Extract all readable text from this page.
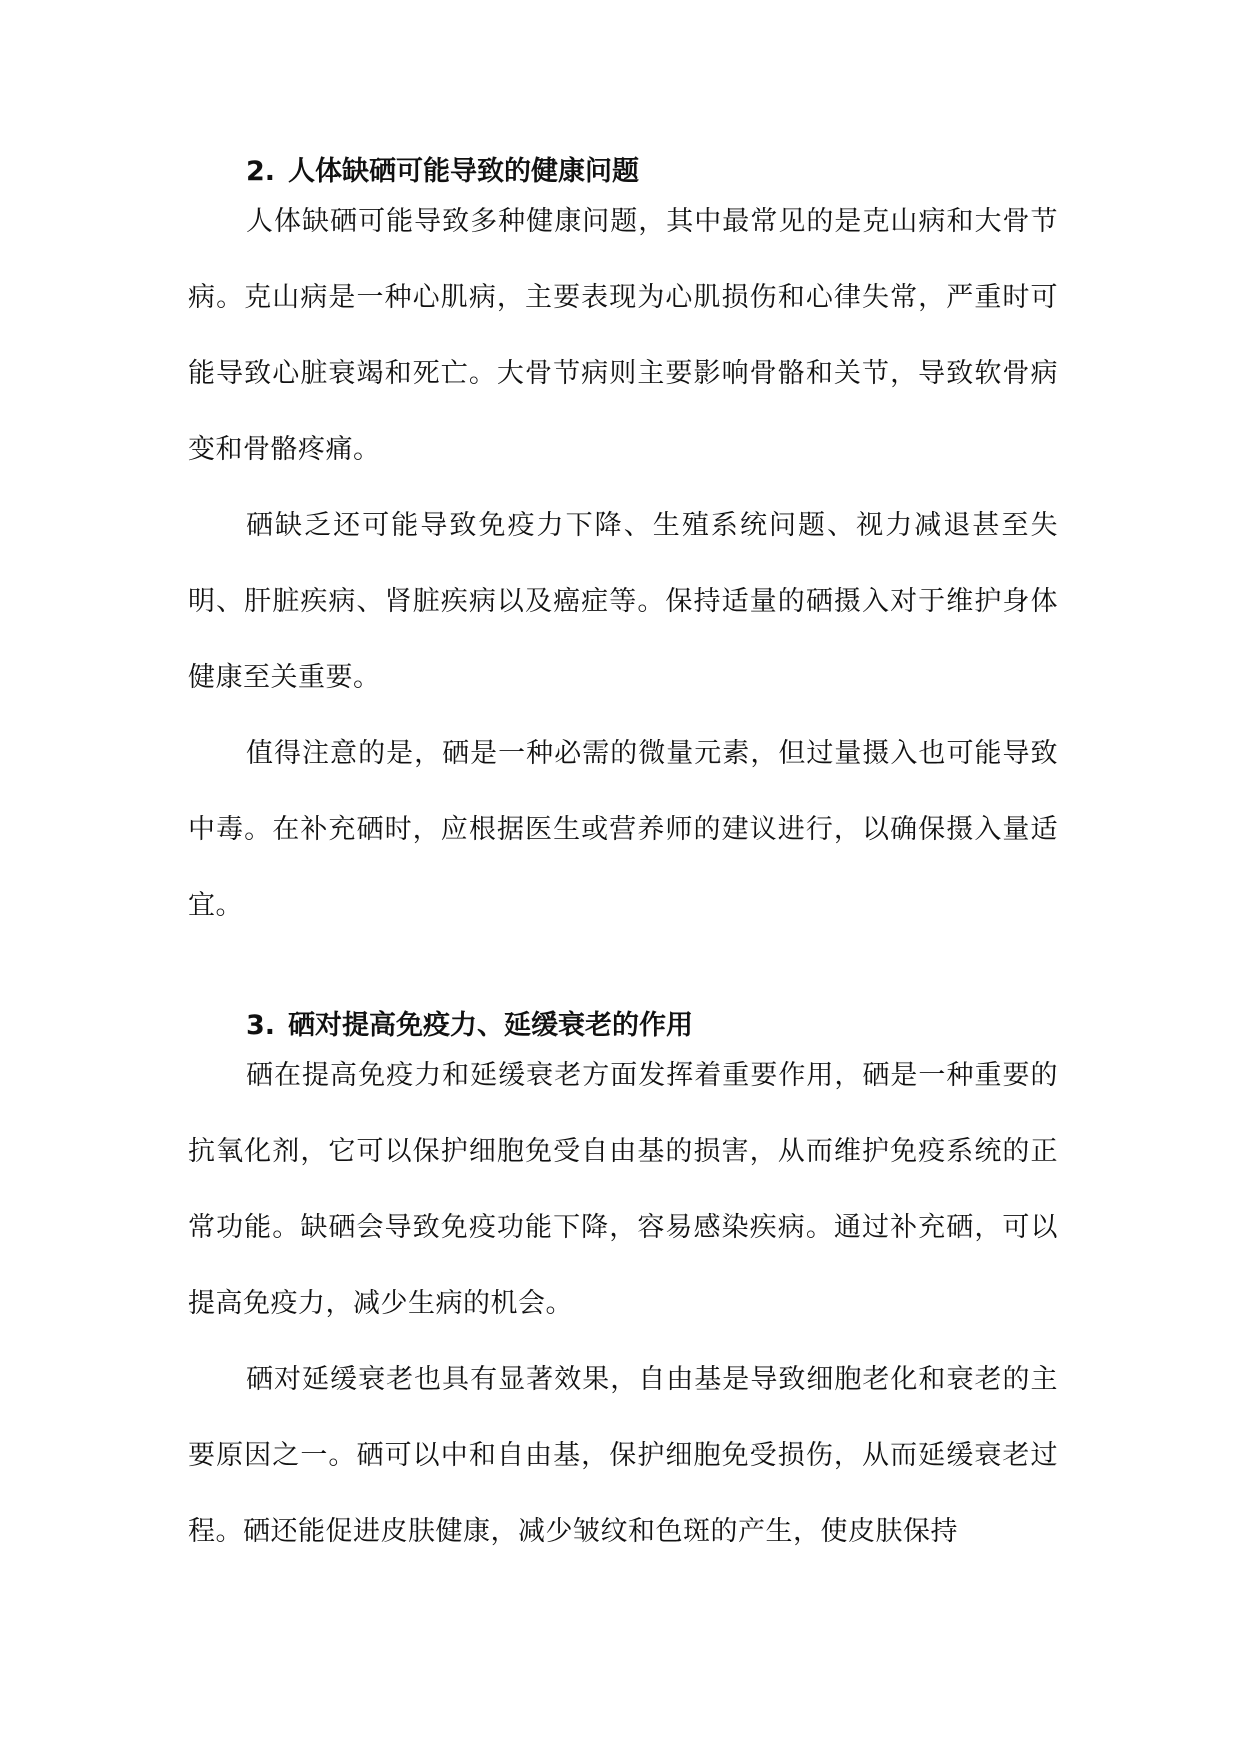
2. 人体缺硒可能导致的健康问题

人体缺硒可能导致多种健康问题，其中最常见的是克山病和大骨节病。克山病是一种心肌病，主要表现为心肌损伤和心律失常，严重时可能导致心脏衰竭和死亡。大骨节病则主要影响骨骼和关节，导致软骨病变和骨骼疼痛。

硒缺乏还可能导致免疫力下降、生殖系统问题、视力减退甚至失明、肝脏疾病、肾脏疾病以及癌症等。保持适量的硒摄入对于维护身体健康至关重要。

值得注意的是，硒是一种必需的微量元素，但过量摄入也可能导致中毒。在补充硒时，应根据医生或营养师的建议进行，以确保摄入量适宜。

3. 硒对提高免疫力、延缓衰老的作用

硒在提高免疫力和延缓衰老方面发挥着重要作用，硒是一种重要的抗氧化剂，它可以保护细胞免受自由基的损害，从而维护免疫系统的正常功能。缺硒会导致免疫功能下降，容易感染疾病。通过补充硒，可以提高免疫力，减少生病的机会。

硒对延缓衰老也具有显著效果，自由基是导致细胞老化和衰老的主要原因之一。硒可以中和自由基，保护细胞免受损伤，从而延缓衰老过程。硒还能促进皮肤健康，减少皱纹和色斑的产生，使皮肤保持
